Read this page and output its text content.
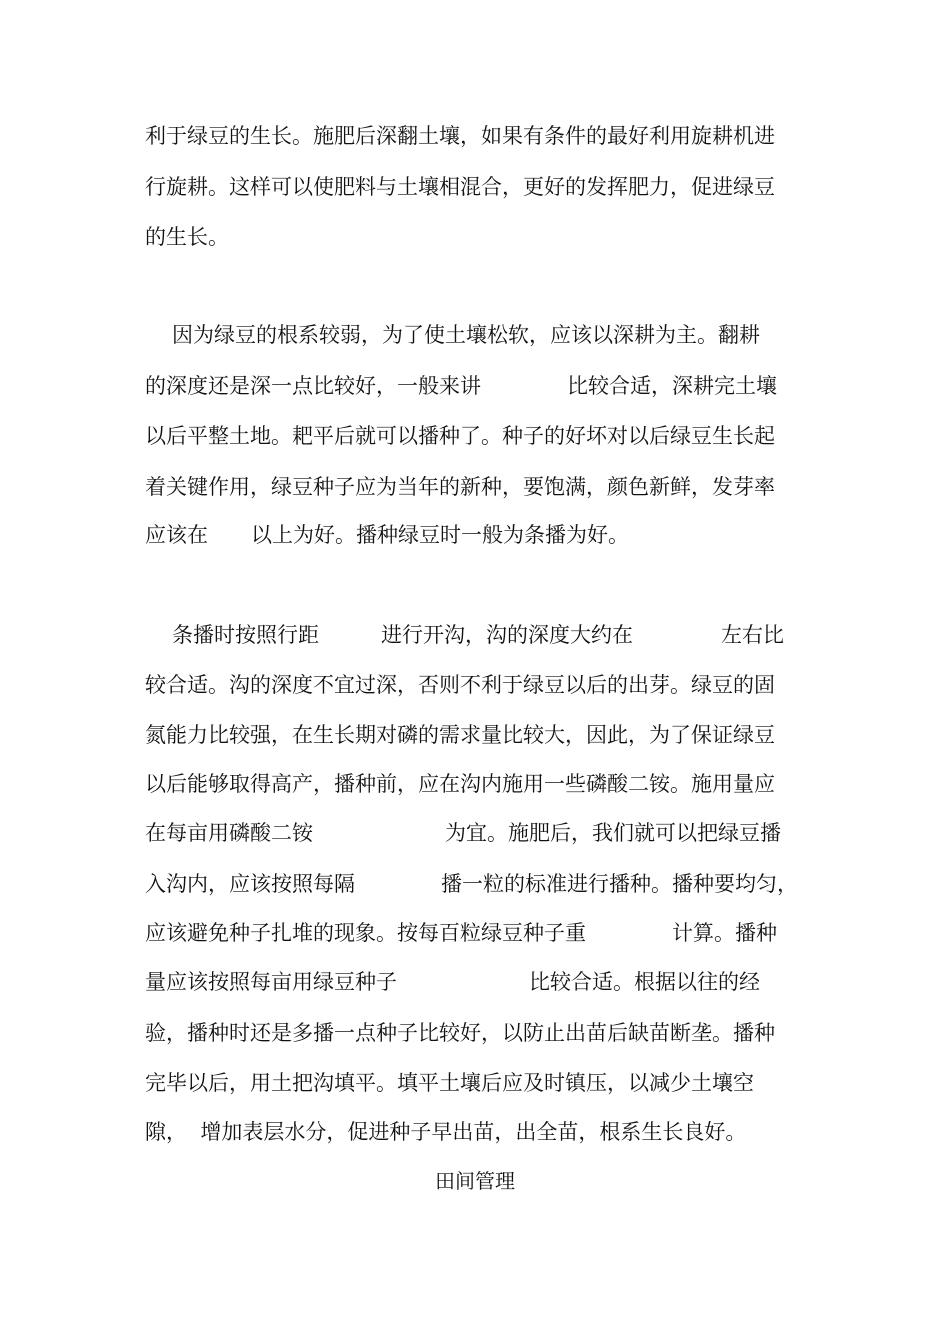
利于绿豆的生长。施肥后深翻土壤，如果有条件的最好利用旋耕机进
行旋耕。这样可以使肥料与土壤相混合，更好的发挥肥力，促进绿豆
的生长。
因为绿豆的根系较弱，为了使土壤松软，应该以深耕为主。翻耕
的深度还是深一点比较好，一般来讲	比较合适，深耕完土壤
以后平整土地。耙平后就可以播种了。种子的好坏对以后绿豆生长起
着关键作用，绿豆种子应为当年的新种，要饱满，颜色新鲜，发芽率
应该在 以上为好。播种绿豆时一般为条播为好。
条播时按照行距	进行开沟，沟的深度大约在	左右比
较合适。沟的深度不宜过深，否则不利于绿豆以后的出芽。绿豆的固
氮能力比较强，在生长期对磷的需求量比较大，因此，为了保证绿豆
以后能够取得高产，播种前，应在沟内施用一些磷酸二铵。施用量应
在每亩用磷酸二铵	为宜。施肥后，我们就可以把绿豆播
入沟内，应该按照每隔	播一粒的标准进行播种。播种要均匀，
应该避免种子扎堆的现象。按每百粒绿豆种子重	计算。播种
量应该按照每亩用绿豆种子	比较合适。根据以往的经
验，播种时还是多播一点种子比较好，以防止出苗后缺苗断垄。播种
完毕以后，用土把沟填平。填平土壤后应及时镇压，以减少土壤空
隙，  增加表层水分，促进种子早出苗，出全苗，根系生长良好。
田间管理
